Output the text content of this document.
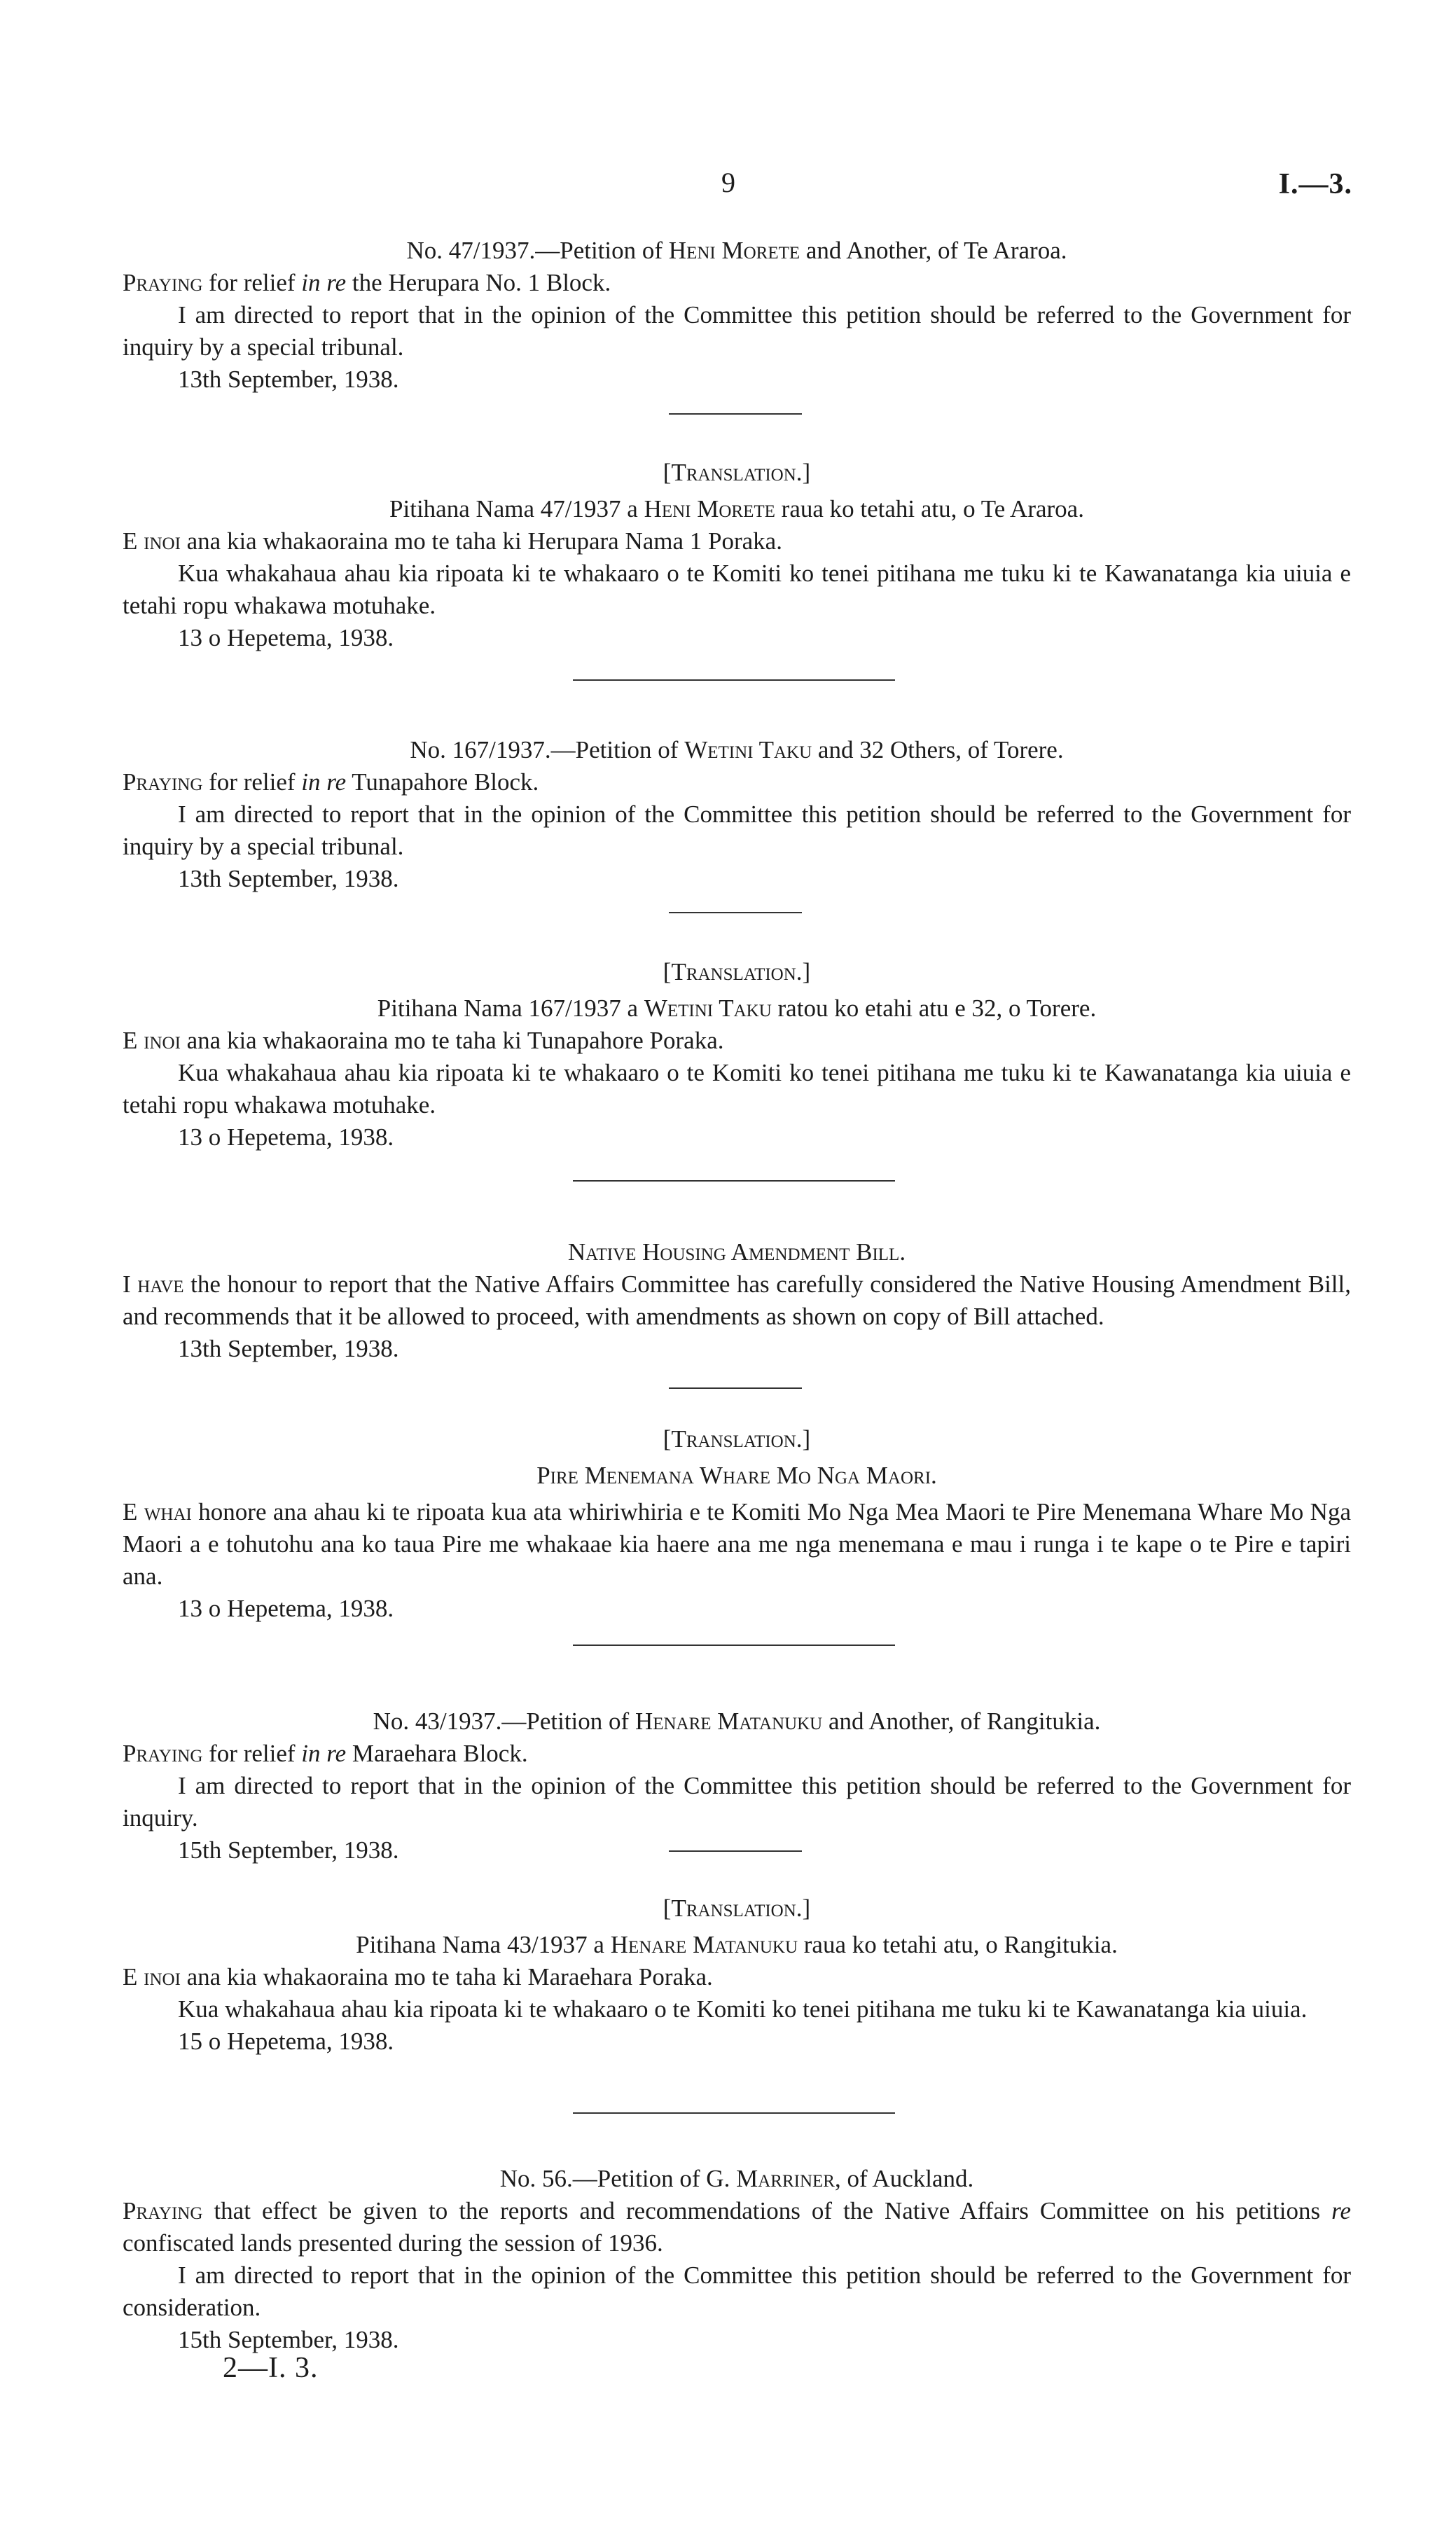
9	I.—3.

No. 47/1937.—Petition of Heni Morete and Another, of Te Araroa.

Praying for relief in re the Herupara No. 1 Block.

I am directed to report that in the opinion of the Committee this petition should be referred to the Government for inquiry by a special tribunal.

13th September, 1938.

[Translation.]

Pitihana Nama 47/1937 a Heni Morete raua ko tetahi atu, o Te Araroa.

E inoi ana kia whakaoraina mo te taha ki Herupara Nama 1 Poraka.

Kua whakahaua ahau kia ripoata ki te whakaaro o te Komiti ko tenei pitihana me tuku ki te Kawanatanga kia uiuia e tetahi ropu whakawa motuhake.

13 o Hepetema, 1938.

No. 167/1937.—Petition of Wetini Taku and 32 Others, of Torere.

Praying for relief in re Tunapahore Block.

I am directed to report that in the opinion of the Committee this petition should be referred to the Government for inquiry by a special tribunal.

13th September, 1938.

[Translation.]

Pitihana Nama 167/1937 a Wetini Taku ratou ko etahi atu e 32, o Torere.

E inoi ana kia whakaoraina mo te taha ki Tunapahore Poraka.

Kua whakahaua ahau kia ripoata ki te whakaaro o te Komiti ko tenei pitihana me tuku ki te Kawanatanga kia uiuia e tetahi ropu whakawa motuhake.

13 o Hepetema, 1938.

Native Housing Amendment Bill.

I have the honour to report that the Native Affairs Committee has carefully considered the Native Housing Amendment Bill, and recommends that it be allowed to proceed, with amendments as shown on copy of Bill attached.

13th September, 1938.

[Translation.]

Pire Menemana Whare Mo Nga Maori.

E whai honore ana ahau ki te ripoata kua ata whiriwhiria e te Komiti Mo Nga Mea Maori te Pire Menemana Whare Mo Nga Maori a e tohutohu ana ko taua Pire me whakaae kia haere ana me nga menemana e mau i runga i te kape o te Pire e tapiri ana.

13 o Hepetema, 1938.

No. 43/1937.—Petition of Henare Matanuku and Another, of Rangitukia.

Praying for relief in re Maraehara Block.

I am directed to report that in the opinion of the Committee this petition should be referred to the Government for inquiry.

15th September, 1938.

[Translation.]

Pitihana Nama 43/1937 a Henare Matanuku raua ko tetahi atu, o Rangitukia.

E inoi ana kia whakaoraina mo te taha ki Maraehara Poraka.

Kua whakahaua ahau kia ripoata ki te whakaaro o te Komiti ko tenei pitihana me tuku ki te Kawanatanga kia uiuia.

15 o Hepetema, 1938.

No. 56.—Petition of G. Marriner, of Auckland.

Praying that effect be given to the reports and recommendations of the Native Affairs Committee on his petitions re confiscated lands presented during the session of 1936.

I am directed to report that in the opinion of the Committee this petition should be referred to the Government for consideration.

15th September, 1938.

2—I. 3.
